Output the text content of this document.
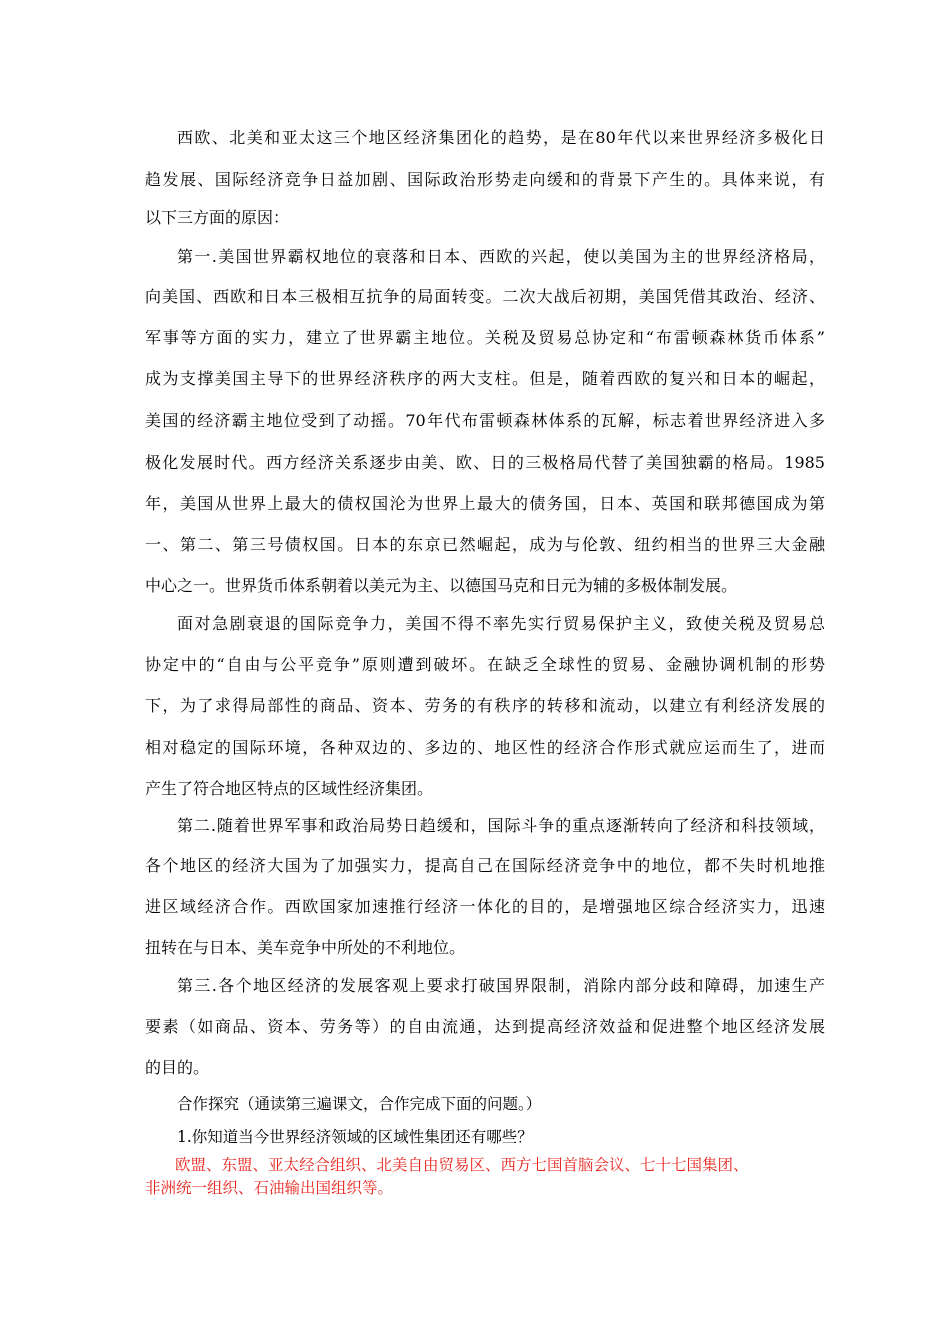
西欧、北美和亚太这三个地区经济集团化的趋势，是在80年代以来世界经济多极化日
趋发展、国际经济竞争日益加剧、国际政治形势走向缓和的背景下产生的。具体来说，有
以下三方面的原因：
第一.美国世界霸权地位的衰落和日本、西欧的兴起，使以美国为主的世界经济格局，
向美国、西欧和日本三极相互抗争的局面转变。二次大战后初期，美国凭借其政治、经济、
军事等方面的实力，建立了世界霸主地位。关税及贸易总协定和“布雷顿森林货币体系”
成为支撑美国主导下的世界经济秩序的两大支柱。但是，随着西欧的复兴和日本的崛起，
美国的经济霸主地位受到了动摇。70年代布雷顿森林体系的瓦解，标志着世界经济进入多
极化发展时代。西方经济关系逐步由美、欧、日的三极格局代替了美国独霸的格局。1985
年，美国从世界上最大的债权国沦为世界上最大的债务国，日本、英国和联邦德国成为第
一、第二、第三号债权国。日本的东京已然崛起，成为与伦敦、纽约相当的世界三大金融
中心之一。世界货币体系朝着以美元为主、以德国马克和日元为辅的多极体制发展。
面对急剧衰退的国际竞争力，美国不得不率先实行贸易保护主义，致使关税及贸易总
协定中的“自由与公平竞争”原则遭到破坏。在缺乏全球性的贸易、金融协调机制的形势
下，为了求得局部性的商品、资本、劳务的有秩序的转移和流动，以建立有利经济发展的
相对稳定的国际环境，各种双边的、多边的、地区性的经济合作形式就应运而生了，进而
产生了符合地区特点的区域性经济集团。
第二.随着世界军事和政治局势日趋缓和，国际斗争的重点逐渐转向了经济和科技领域，
各个地区的经济大国为了加强实力，提高自己在国际经济竞争中的地位，都不失时机地推
进区域经济合作。西欧国家加速推行经济一体化的目的，是增强地区综合经济实力，迅速
扭转在与日本、美车竞争中所处的不利地位。
第三.各个地区经济的发展客观上要求打破国界限制，消除内部分歧和障碍，加速生产
要素（如商品、资本、劳务等）的自由流通，达到提高经济效益和促进整个地区经济发展
的目的。
合作探究（通读第三遍课文，合作完成下面的问题。）
1.你知道当今世界经济领域的区域性集团还有哪些？
欧盟、东盟、亚太经合组织、北美自由贸易区、西方七国首脑会议、七十七国集团、
非洲统一组织、石油输出国组织等。
